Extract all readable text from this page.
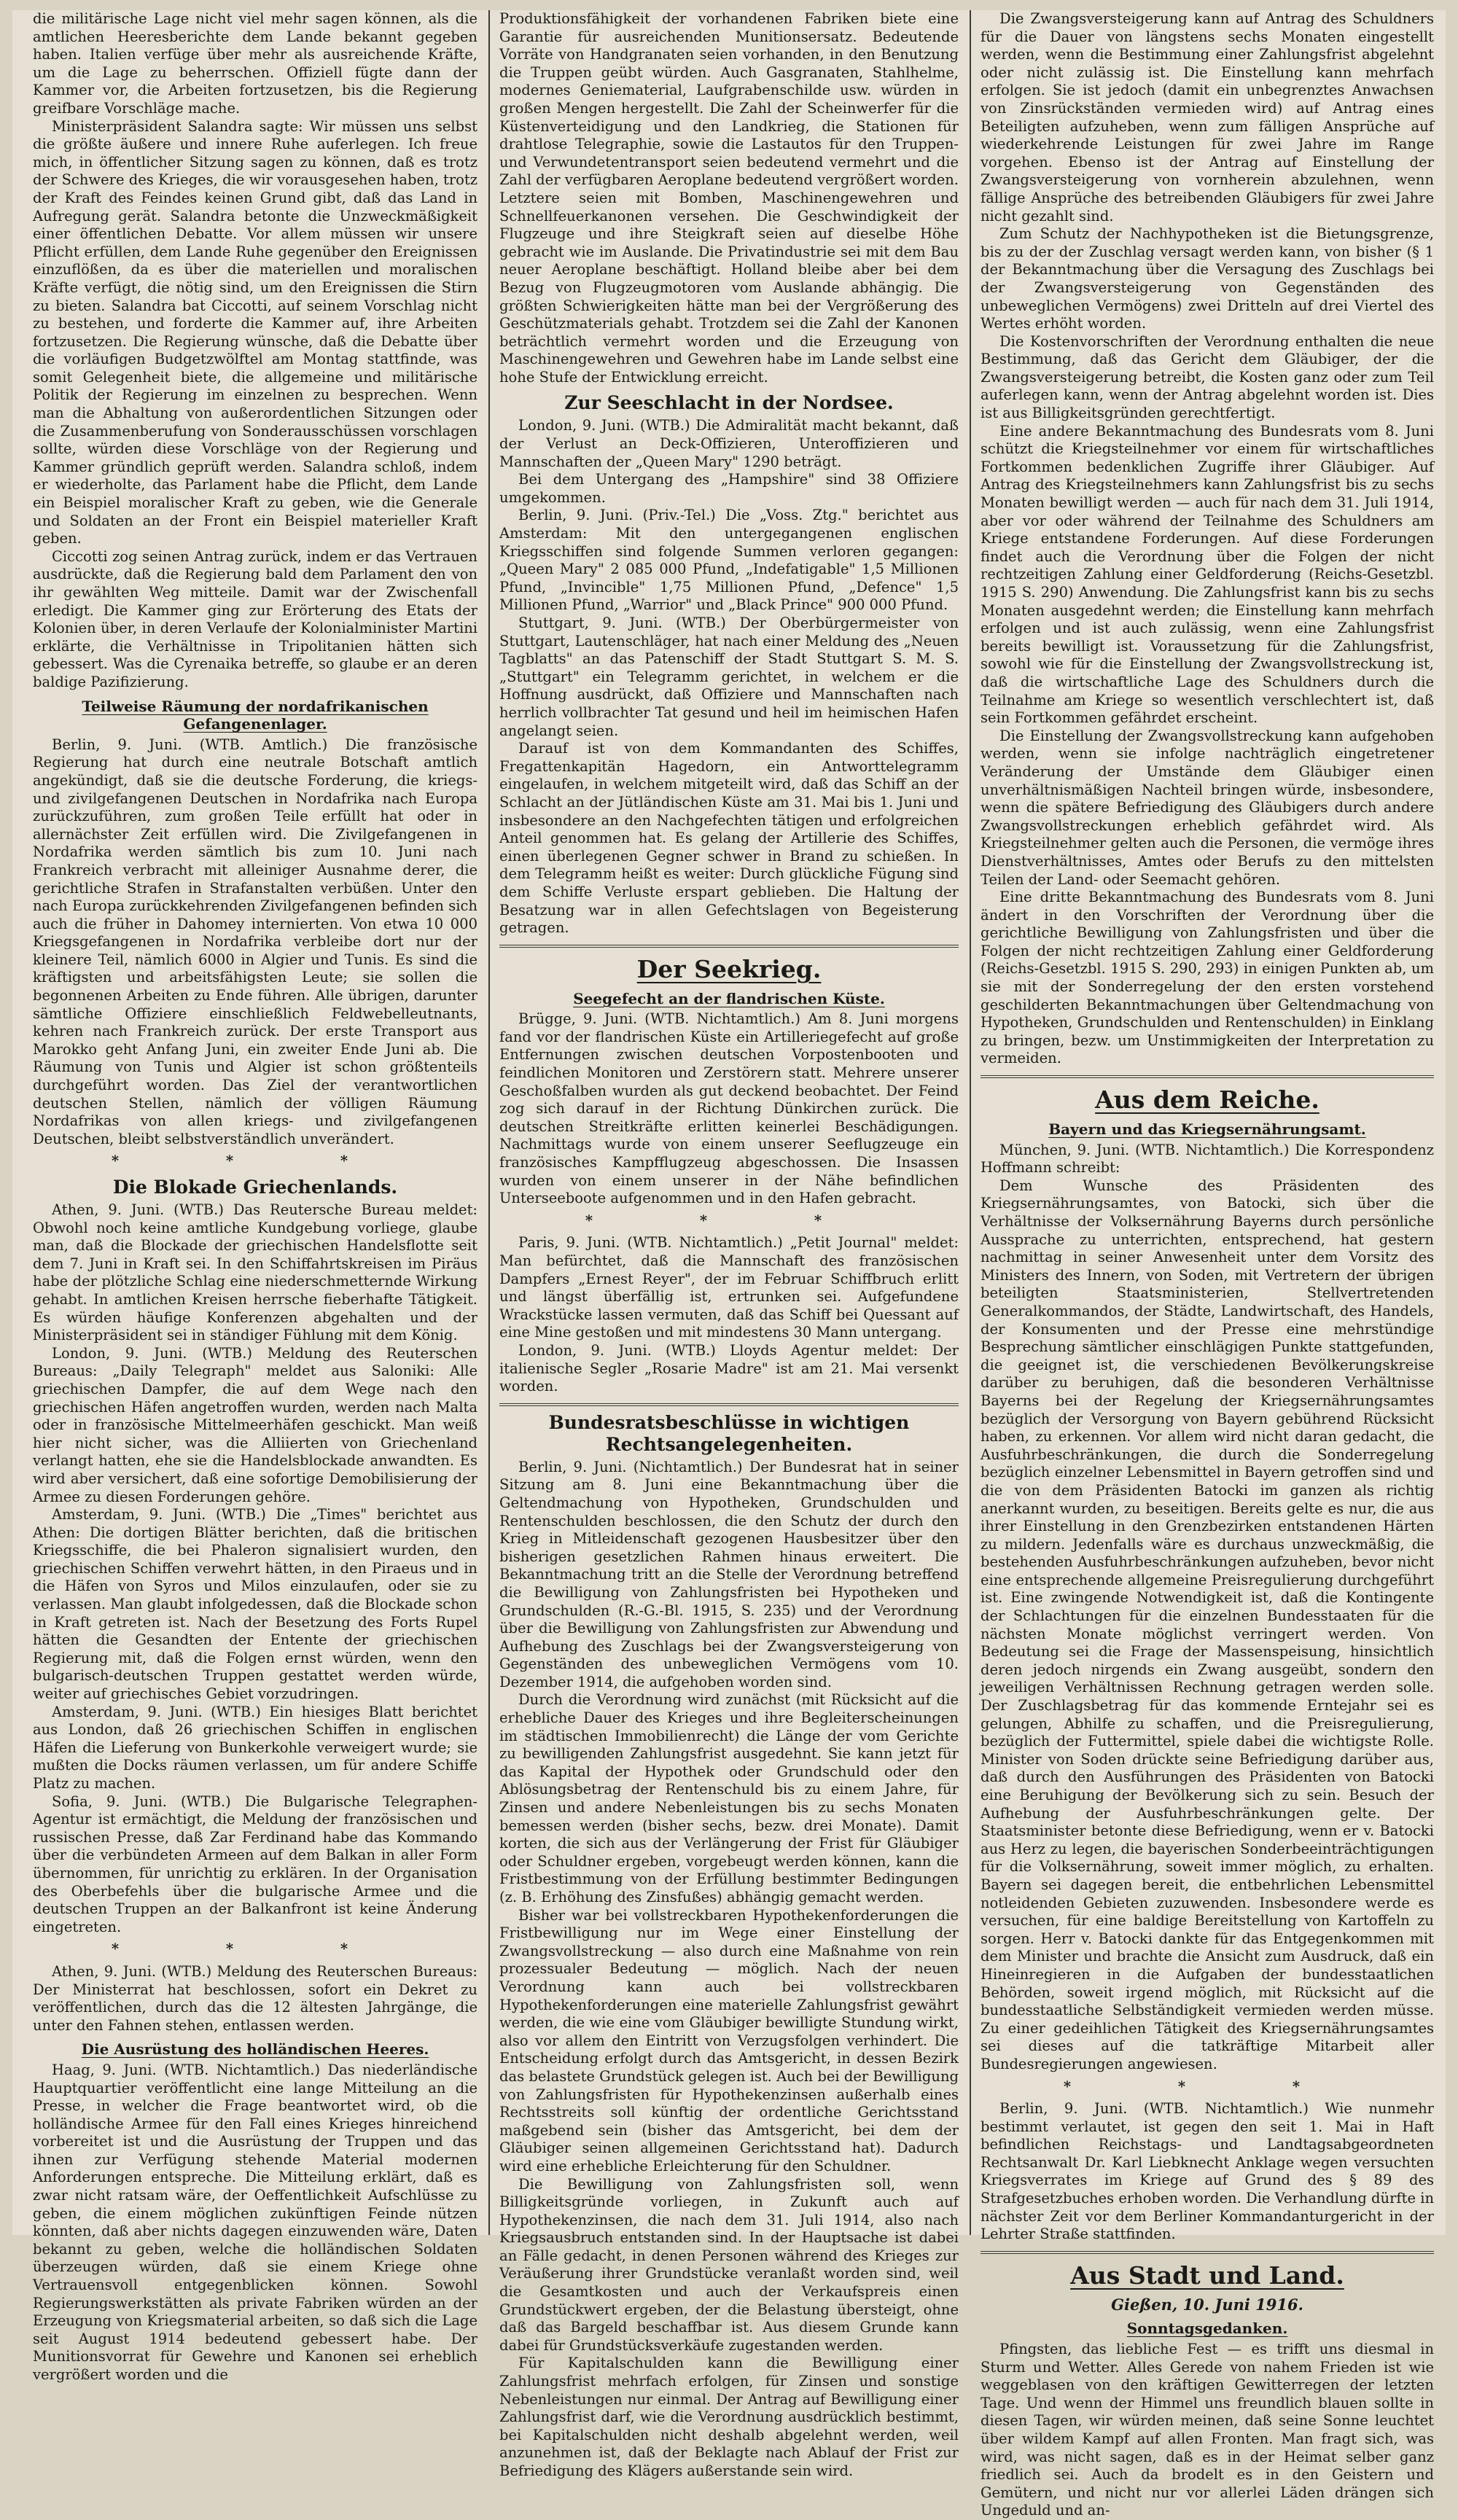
die militärische Lage nicht viel mehr sagen können, als die amtlichen Heeresberichte dem Lande bekannt gegeben haben. Italien verfüge über mehr als ausreichende Kräfte, um die Lage zu beherrschen. Offiziell fügte dann der Kammer vor, die Arbeiten fortzusetzen, bis die Regierung greifbare Vorschläge mache.

Ministerpräsident Salandra sagte: Wir müssen uns selbst die größte äußere und innere Ruhe auferlegen. Ich freue mich, in öffentlicher Sitzung sagen zu können, daß es trotz der Schwere des Krieges, die wir vorausgesehen haben, trotz der Kraft des Feindes keinen Grund gibt, daß das Land in Aufregung gerät. Salandra betonte die Unzweckmäßigkeit einer öffentlichen Debatte. Vor allem müssen wir unsere Pflicht erfüllen, dem Lande Ruhe gegenüber den Ereignissen einzuflößen, da es über die materiellen und moralischen Kräfte verfügt, die nötig sind, um den Ereignissen die Stirn zu bieten. Salandra bat Ciccotti, auf seinem Vorschlag nicht zu bestehen, und forderte die Kammer auf, ihre Arbeiten fortzusetzen. Die Regierung wünsche, daß die Debatte über die vorläufigen Budgetzwölftel am Montag stattfinde, was somit Gelegenheit biete, die allgemeine und militärische Politik der Regierung im einzelnen zu besprechen. Wenn man die Abhaltung von außerordentlichen Sitzungen oder die Zusammenberufung von Sonderausschüssen vorschlagen sollte, würden diese Vorschläge von der Regierung und Kammer gründlich geprüft werden. Salandra schloß, indem er wiederholte, das Parlament habe die Pflicht, dem Lande ein Beispiel moralischer Kraft zu geben, wie die Generale und Soldaten an der Front ein Beispiel materieller Kraft geben.

Ciccotti zog seinen Antrag zurück, indem er das Vertrauen ausdrückte, daß die Regierung bald dem Parlament den von ihr gewählten Weg mitteile. Damit war der Zwischenfall erledigt. Die Kammer ging zur Erörterung des Etats der Kolonien über, in deren Verlaufe der Kolonialminister Martini erklärte, die Verhältnisse in Tripolitanien hätten sich gebessert. Was die Cyrenaika betreffe, so glaube er an deren baldige Pazifizierung.

Teilweise Räumung der nordafrikanischen Gefangenenlager.

Berlin, 9. Juni. (WTB. Amtlich.) Die französische Regierung hat durch eine neutrale Botschaft amtlich angekündigt, daß sie die deutsche Forderung, die kriegs- und zivilgefangenen Deutschen in Nordafrika nach Europa zurückzuführen, zum großen Teile erfüllt hat oder in allernächster Zeit erfüllen wird. Die Zivilgefangenen in Nordafrika werden sämtlich bis zum 10. Juni nach Frankreich verbracht mit alleiniger Ausnahme derer, die gerichtliche Strafen in Strafanstalten verbüßen. Unter den nach Europa zurückkehrenden Zivilgefangenen befinden sich auch die früher in Dahomey internierten. Von etwa 10 000 Kriegsgefangenen in Nordafrika verbleibe dort nur der kleinere Teil, nämlich 6000 in Algier und Tunis. Es sind die kräftigsten und arbeitsfähigsten Leute; sie sollen die begonnenen Arbeiten zu Ende führen. Alle übrigen, darunter sämtliche Offiziere einschließlich Feldwebelleutnants, kehren nach Frankreich zurück. Der erste Transport aus Marokko geht Anfang Juni, ein zweiter Ende Juni ab. Die Räumung von Tunis und Algier ist schon größtenteils durchgeführt worden. Das Ziel der verantwortlichen deutschen Stellen, nämlich der völligen Räumung Nordafrikas von allen kriegs- und zivilgefangenen Deutschen, bleibt selbstverständlich unverändert.

* * *
Die Blokade Griechenlands.

Athen, 9. Juni. (WTB.) Das Reutersche Bureau meldet: Obwohl noch keine amtliche Kundgebung vorliege, glaube man, daß die Blockade der griechischen Handelsflotte seit dem 7. Juni in Kraft sei. In den Schiffahrtskreisen im Piräus habe der plötzliche Schlag eine niederschmetternde Wirkung gehabt. In amtlichen Kreisen herrsche fieberhafte Tätigkeit. Es würden häufige Konferenzen abgehalten und der Ministerpräsident sei in ständiger Fühlung mit dem König.

London, 9. Juni. (WTB.) Meldung des Reuterschen Bureaus: „Daily Telegraph" meldet aus Saloniki: Alle griechischen Dampfer, die auf dem Wege nach den griechischen Häfen angetroffen wurden, werden nach Malta oder in französische Mittelmeerhäfen geschickt. Man weiß hier nicht sicher, was die Alliierten von Griechenland verlangt hatten, ehe sie die Handelsblockade anwandten. Es wird aber versichert, daß eine sofortige Demobilisierung der Armee zu diesen Forderungen gehöre.

Amsterdam, 9. Juni. (WTB.) Die „Times" berichtet aus Athen: Die dortigen Blätter berichten, daß die britischen Kriegsschiffe, die bei Phaleron signalisiert wurden, den griechischen Schiffen verwehrt hätten, in den Piraeus und in die Häfen von Syros und Milos einzulaufen, oder sie zu verlassen. Man glaubt infolgedessen, daß die Blockade schon in Kraft getreten ist. Nach der Besetzung des Forts Rupel hätten die Gesandten der Entente der griechischen Regierung mit, daß die Folgen ernst würden, wenn den bulgarisch-deutschen Truppen gestattet werden würde, weiter auf griechisches Gebiet vorzudringen.

Amsterdam, 9. Juni. (WTB.) Ein hiesiges Blatt berichtet aus London, daß 26 griechischen Schiffen in englischen Häfen die Lieferung von Bunkerkohle verweigert wurde; sie mußten die Docks räumen verlassen, um für andere Schiffe Platz zu machen.

Sofia, 9. Juni. (WTB.) Die Bulgarische Telegraphen-Agentur ist ermächtigt, die Meldung der französischen und russischen Presse, daß Zar Ferdinand habe das Kommando über die verbündeten Armeen auf dem Balkan in aller Form übernommen, für unrichtig zu erklären. In der Organisation des Oberbefehls über die bulgarische Armee und die deutschen Truppen an der Balkanfront ist keine Änderung eingetreten.

* * *

Athen, 9. Juni. (WTB.) Meldung des Reuterschen Bureaus: Der Ministerrat hat beschlossen, sofort ein Dekret zu veröffentlichen, durch das die 12 ältesten Jahrgänge, die unter den Fahnen stehen, entlassen werden.

Die Ausrüstung des holländischen Heeres.

Haag, 9. Juni. (WTB. Nichtamtlich.) Das niederländische Hauptquartier veröffentlicht eine lange Mitteilung an die Presse, in welcher die Frage beantwortet wird, ob die holländische Armee für den Fall eines Krieges hinreichend vorbereitet ist und die Ausrüstung der Truppen und das ihnen zur Verfügung stehende Material modernen Anforderungen entspreche. Die Mitteilung erklärt, daß es zwar nicht ratsam wäre, der Oeffentlichkeit Aufschlüsse zu geben, die einem möglichen zukünftigen Feinde nützen könnten, daß aber nichts dagegen einzuwenden wäre, Daten bekannt zu geben, welche die holländischen Soldaten überzeugen würden, daß sie einem Kriege ohne Vertrauensvoll entgegenblicken können. Sowohl Regierungswerkstätten als private Fabriken würden an der Erzeugung von Kriegsmaterial arbeiten, so daß sich die Lage seit August 1914 bedeutend gebessert habe. Der Munitionsvorrat für Gewehre und Kanonen sei erheblich vergrößert worden und die

Produktionsfähigkeit der vorhandenen Fabriken biete eine Garantie für ausreichenden Munitionsersatz. Bedeutende Vorräte von Handgranaten seien vorhanden, in den Benutzung die Truppen geübt würden. Auch Gasgranaten, Stahlhelme, modernes Geniematerial, Laufgrabenschilde usw. würden in großen Mengen hergestellt. Die Zahl der Scheinwerfer für die Küstenverteidigung und den Landkrieg, die Stationen für drahtlose Telegraphie, sowie die Lastautos für den Truppen- und Verwundetentransport seien bedeutend vermehrt und die Zahl der verfügbaren Aeroplane bedeutend vergrößert worden. Letztere seien mit Bomben, Maschinengewehren und Schnellfeuerkanonen versehen. Die Geschwindigkeit der Flugzeuge und ihre Steigkraft seien auf dieselbe Höhe gebracht wie im Auslande. Die Privatindustrie sei mit dem Bau neuer Aeroplane beschäftigt. Holland bleibe aber bei dem Bezug von Flugzeugmotoren vom Auslande abhängig. Die größten Schwierigkeiten hätte man bei der Vergrößerung des Geschützmaterials gehabt. Trotzdem sei die Zahl der Kanonen beträchtlich vermehrt worden und die Erzeugung von Maschinengewehren und Gewehren habe im Lande selbst eine hohe Stufe der Entwicklung erreicht.

Zur Seeschlacht in der Nordsee.

London, 9. Juni. (WTB.) Die Admiralität macht bekannt, daß der Verlust an Deck-Offizieren, Unteroffizieren und Mannschaften der „Queen Mary" 1290 beträgt.

Bei dem Untergang des „Hampshire" sind 38 Offiziere umgekommen.

Berlin, 9. Juni. (Priv.-Tel.) Die „Voss. Ztg." berichtet aus Amsterdam: Mit den untergegangenen englischen Kriegsschiffen sind folgende Summen verloren gegangen: „Queen Mary" 2 085 000 Pfund, „Indefatigable" 1,5 Millionen Pfund, „Invincible" 1,75 Millionen Pfund, „Defence" 1,5 Millionen Pfund, „Warrior" und „Black Prince" 900 000 Pfund.

Stuttgart, 9. Juni. (WTB.) Der Oberbürgermeister von Stuttgart, Lautenschläger, hat nach einer Meldung des „Neuen Tagblatts" an das Patenschiff der Stadt Stuttgart S. M. S. „Stuttgart" ein Telegramm gerichtet, in welchem er die Hoffnung ausdrückt, daß Offiziere und Mannschaften nach herrlich vollbrachter Tat gesund und heil im heimischen Hafen angelangt seien.

Darauf ist von dem Kommandanten des Schiffes, Fregattenkapitän Hagedorn, ein Antworttelegramm eingelaufen, in welchem mitgeteilt wird, daß das Schiff an der Schlacht an der Jütländischen Küste am 31. Mai bis 1. Juni und insbesondere an den Nachgefechten tätigen und erfolgreichen Anteil genommen hat. Es gelang der Artillerie des Schiffes, einen überlegenen Gegner schwer in Brand zu schießen. In dem Telegramm heißt es weiter: Durch glückliche Fügung sind dem Schiffe Verluste erspart geblieben. Die Haltung der Besatzung war in allen Gefechtslagen von Begeisterung getragen.

Der Seekrieg.
Seegefecht an der flandrischen Küste.

Brügge, 9. Juni. (WTB. Nichtamtlich.) Am 8. Juni morgens fand vor der flandrischen Küste ein Artilleriegefecht auf große Entfernungen zwischen deutschen Vorpostenbooten und feindlichen Monitoren und Zerstörern statt. Mehrere unserer Geschoßfalben wurden als gut deckend beobachtet. Der Feind zog sich darauf in der Richtung Dünkirchen zurück. Die deutschen Streitkräfte erlitten keinerlei Beschädigungen. Nachmittags wurde von einem unserer Seeflugzeuge ein französisches Kampfflugzeug abgeschossen. Die Insassen wurden von einem unserer in der Nähe befindlichen Unterseeboote aufgenommen und in den Hafen gebracht.

* * *

Paris, 9. Juni. (WTB. Nichtamtlich.) „Petit Journal" meldet: Man befürchtet, daß die Mannschaft des französischen Dampfers „Ernest Reyer", der im Februar Schiffbruch erlitt und längst überfällig ist, ertrunken sei. Aufgefundene Wrackstücke lassen vermuten, daß das Schiff bei Quessant auf eine Mine gestoßen und mit mindestens 30 Mann untergang.

London, 9. Juni. (WTB.) Lloyds Agentur meldet: Der italienische Segler „Rosarie Madre" ist am 21. Mai versenkt worden.

Bundesratsbeschlüsse in wichtigen Rechtsangelegenheiten.

Berlin, 9. Juni. (Nichtamtlich.) Der Bundesrat hat in seiner Sitzung am 8. Juni eine Bekanntmachung über die Geltendmachung von Hypotheken, Grundschulden und Rentenschulden beschlossen, die den Schutz der durch den Krieg in Mitleidenschaft gezogenen Hausbesitzer über den bisherigen gesetzlichen Rahmen hinaus erweitert. Die Bekanntmachung tritt an die Stelle der Verordnung betreffend die Bewilligung von Zahlungsfristen bei Hypotheken und Grundschulden (R.-G.-Bl. 1915, S. 235) und der Verordnung über die Bewilligung von Zahlungsfristen zur Abwendung und Aufhebung des Zuschlags bei der Zwangsversteigerung von Gegenständen des unbeweglichen Vermögens vom 10. Dezember 1914, die aufgehoben worden sind.

Durch die Verordnung wird zunächst (mit Rücksicht auf die erhebliche Dauer des Krieges und ihre Begleiterscheinungen im städtischen Immobilienrecht) die Länge der vom Gerichte zu bewilligenden Zahlungsfrist ausgedehnt. Sie kann jetzt für das Kapital der Hypothek oder Grundschuld oder den Ablösungsbetrag der Rentenschuld bis zu einem Jahre, für Zinsen und andere Nebenleistungen bis zu sechs Monaten bemessen werden (bisher sechs, bezw. drei Monate). Damit korten, die sich aus der Verlängerung der Frist für Gläubiger oder Schuldner ergeben, vorgebeugt werden können, kann die Fristbestimmung von der Erfüllung bestimmter Bedingungen (z. B. Erhöhung des Zinsfußes) abhängig gemacht werden.

Bisher war bei vollstreckbaren Hypothekenforderungen die Fristbewilligung nur im Wege einer Einstellung der Zwangsvollstreckung — also durch eine Maßnahme von rein prozessualer Bedeutung — möglich. Nach der neuen Verordnung kann auch bei vollstreckbaren Hypothekenforderungen eine materielle Zahlungsfrist gewährt werden, die wie eine vom Gläubiger bewilligte Stundung wirkt, also vor allem den Eintritt von Verzugsfolgen verhindert. Die Entscheidung erfolgt durch das Amtsgericht, in dessen Bezirk das belastete Grundstück gelegen ist. Auch bei der Bewilligung von Zahlungsfristen für Hypothekenzinsen außerhalb eines Rechtsstreits soll künftig der ordentliche Gerichtsstand maßgebend sein (bisher das Amtsgericht, bei dem der Gläubiger seinen allgemeinen Gerichtsstand hat). Dadurch wird eine erhebliche Erleichterung für den Schuldner.

Die Bewilligung von Zahlungsfristen soll, wenn Billigkeitsgründe vorliegen, in Zukunft auch auf Hypothekenzinsen, die nach dem 31. Juli 1914, also nach Kriegsausbruch entstanden sind. In der Hauptsache ist dabei an Fälle gedacht, in denen Personen während des Krieges zur Veräußerung ihrer Grundstücke veranlaßt worden sind, weil die Gesamtkosten und auch der Verkaufspreis einen Grundstückwert ergeben, der die Belastung übersteigt, ohne daß das Bargeld beschaffbar ist. Aus diesem Grunde kann dabei für Grundstücksverkäufe zugestanden werden.

Für Kapitalschulden kann die Bewilligung einer Zahlungsfrist mehrfach erfolgen, für Zinsen und sonstige Nebenleistungen nur einmal. Der Antrag auf Bewilligung einer Zahlungsfrist darf, wie die Verordnung ausdrücklich bestimmt, bei Kapitalschulden nicht deshalb abgelehnt werden, weil anzunehmen ist, daß der Beklagte nach Ablauf der Frist zur Befriedigung des Klägers außerstande sein wird.

Die Zwangsversteigerung kann auf Antrag des Schuldners für die Dauer von längstens sechs Monaten eingestellt werden, wenn die Bestimmung einer Zahlungsfrist abgelehnt oder nicht zulässig ist. Die Einstellung kann mehrfach erfolgen. Sie ist jedoch (damit ein unbegrenztes Anwachsen von Zinsrückständen vermieden wird) auf Antrag eines Beteiligten aufzuheben, wenn zum fälligen Ansprüche auf wiederkehrende Leistungen für zwei Jahre im Range vorgehen. Ebenso ist der Antrag auf Einstellung der Zwangsversteigerung von vornherein abzulehnen, wenn fällige Ansprüche des betreibenden Gläubigers für zwei Jahre nicht gezahlt sind.

Zum Schutz der Nachhypotheken ist die Bietungsgrenze, bis zu der der Zuschlag versagt werden kann, von bisher (§ 1 der Bekanntmachung über die Versagung des Zuschlags bei der Zwangsversteigerung von Gegenständen des unbeweglichen Vermögens) zwei Dritteln auf drei Viertel des Wertes erhöht worden.

Die Kostenvorschriften der Verordnung enthalten die neue Bestimmung, daß das Gericht dem Gläubiger, der die Zwangsversteigerung betreibt, die Kosten ganz oder zum Teil auferlegen kann, wenn der Antrag abgelehnt worden ist. Dies ist aus Billigkeitsgründen gerechtfertigt.

Eine andere Bekanntmachung des Bundesrats vom 8. Juni schützt die Kriegsteilnehmer vor einem für wirtschaftliches Fortkommen bedenklichen Zugriffe ihrer Gläubiger. Auf Antrag des Kriegsteilnehmers kann Zahlungsfrist bis zu sechs Monaten bewilligt werden — auch für nach dem 31. Juli 1914, aber vor oder während der Teilnahme des Schuldners am Kriege entstandene Forderungen. Auf diese Forderungen findet auch die Verordnung über die Folgen der nicht rechtzeitigen Zahlung einer Geldforderung (Reichs-Gesetzbl. 1915 S. 290) Anwendung. Die Zahlungsfrist kann bis zu sechs Monaten ausgedehnt werden; die Einstellung kann mehrfach erfolgen und ist auch zulässig, wenn eine Zahlungsfrist bereits bewilligt ist. Voraussetzung für die Zahlungsfrist, sowohl wie für die Einstellung der Zwangsvollstreckung ist, daß die wirtschaftliche Lage des Schuldners durch die Teilnahme am Kriege so wesentlich verschlechtert ist, daß sein Fortkommen gefährdet erscheint.

Die Einstellung der Zwangsvollstreckung kann aufgehoben werden, wenn sie infolge nachträglich eingetretener Veränderung der Umstände dem Gläubiger einen unverhältnismäßigen Nachteil bringen würde, insbesondere, wenn die spätere Befriedigung des Gläubigers durch andere Zwangsvollstreckungen erheblich gefährdet wird. Als Kriegsteilnehmer gelten auch die Personen, die vermöge ihres Dienstverhältnisses, Amtes oder Berufs zu den mittelsten Teilen der Land- oder Seemacht gehören.

Eine dritte Bekanntmachung des Bundesrats vom 8. Juni ändert in den Vorschriften der Verordnung über die gerichtliche Bewilligung von Zahlungsfristen und über die Folgen der nicht rechtzeitigen Zahlung einer Geldforderung (Reichs-Gesetzbl. 1915 S. 290, 293) in einigen Punkten ab, um sie mit der Sonderregelung der den ersten vorstehend geschilderten Bekanntmachungen über Geltendmachung von Hypotheken, Grundschulden und Rentenschulden) in Einklang zu bringen, bezw. um Unstimmigkeiten der Interpretation zu vermeiden.

Aus dem Reiche.
Bayern und das Kriegsernährungsamt.

München, 9. Juni. (WTB. Nichtamtlich.) Die Korrespondenz Hoffmann schreibt:

Dem Wunsche des Präsidenten des Kriegsernährungsamtes, von Batocki, sich über die Verhältnisse der Volksernährung Bayerns durch persönliche Aussprache zu unterrichten, entsprechend, hat gestern nachmittag in seiner Anwesenheit unter dem Vorsitz des Ministers des Innern, von Soden, mit Vertretern der übrigen beteiligten Staatsministerien, Stellvertretenden Generalkommandos, der Städte, Landwirtschaft, des Handels, der Konsumenten und der Presse eine mehrstündige Besprechung sämtlicher einschlägigen Punkte stattgefunden, die geeignet ist, die verschiedenen Bevölkerungskreise darüber zu beruhigen, daß die besonderen Verhältnisse Bayerns bei der Regelung der Kriegsernährungsamtes bezüglich der Versorgung von Bayern gebührend Rücksicht haben, zu erkennen. Vor allem wird nicht daran gedacht, die Ausfuhrbeschränkungen, die durch die Sonderregelung bezüglich einzelner Lebensmittel in Bayern getroffen sind und die von dem Präsidenten Batocki im ganzen als richtig anerkannt wurden, zu beseitigen. Bereits gelte es nur, die aus ihrer Einstellung in den Grenzbezirken entstandenen Härten zu mildern. Jedenfalls wäre es durchaus unzweckmäßig, die bestehenden Ausfuhrbeschränkungen aufzuheben, bevor nicht eine entsprechende allgemeine Preisregulierung durchgeführt ist. Eine zwingende Notwendigkeit ist, daß die Kontingente der Schlachtungen für die einzelnen Bundesstaaten für die nächsten Monate möglichst verringert werden. Von Bedeutung sei die Frage der Massenspeisung, hinsichtlich deren jedoch nirgends ein Zwang ausgeübt, sondern den jeweiligen Verhältnissen Rechnung getragen werden solle. Der Zuschlagsbetrag für das kommende Erntejahr sei es gelungen, Abhilfe zu schaffen, und die Preisregulierung, bezüglich der Futtermittel, spiele dabei die wichtigste Rolle. Minister von Soden drückte seine Befriedigung darüber aus, daß durch den Ausführungen des Präsidenten von Batocki eine Beruhigung der Bevölkerung sich zu sein. Besuch der Aufhebung der Ausfuhrbeschränkungen gelte. Der Staatsminister betonte diese Befriedigung, wenn er v. Batocki aus Herz zu legen, die bayerischen Sonderbeeinträchtigungen für die Volksernährung, soweit immer möglich, zu erhalten. Bayern sei dagegen bereit, die entbehrlichen Lebensmittel notleidenden Gebieten zuzuwenden. Insbesondere werde es versuchen, für eine baldige Bereitstellung von Kartoffeln zu sorgen. Herr v. Batocki dankte für das Entgegenkommen mit dem Minister und brachte die Ansicht zum Ausdruck, daß ein Hineinregieren in die Aufgaben der bundesstaatlichen Behörden, soweit irgend möglich, mit Rücksicht auf die bundesstaatliche Selbständigkeit vermieden werden müsse. Zu einer gedeihlichen Tätigkeit des Kriegsernährungsamtes sei dieses auf die tatkräftige Mitarbeit aller Bundesregierungen angewiesen.

* * *

Berlin, 9. Juni. (WTB. Nichtamtlich.) Wie nunmehr bestimmt verlautet, ist gegen den seit 1. Mai in Haft befindlichen Reichstags- und Landtagsabgeordneten Rechtsanwalt Dr. Karl Liebknecht Anklage wegen versuchten Kriegsverrates im Kriege auf Grund des § 89 des Strafgesetzbuches erhoben worden. Die Verhandlung dürfte in nächster Zeit vor dem Berliner Kommandanturgericht in der Lehrter Straße stattfinden.

Aus Stadt und Land.
Gießen, 10. Juni 1916.
Sonntagsgedanken.

Pfingsten, das liebliche Fest — es trifft uns diesmal in Sturm und Wetter. Alles Gerede von nahem Frieden ist wie weggeblasen von den kräftigen Gewitterregen der letzten Tage. Und wenn der Himmel uns freundlich blauen sollte in diesen Tagen, wir würden meinen, daß seine Sonne leuchtet über wildem Kampf auf allen Fronten. Man fragt sich, was wird, was nicht sagen, daß es in der Heimat selber ganz friedlich sei. Auch da brodelt es in den Geistern und Gemütern, und nicht nur vor allerlei Läden drängen sich Ungeduld und an-
